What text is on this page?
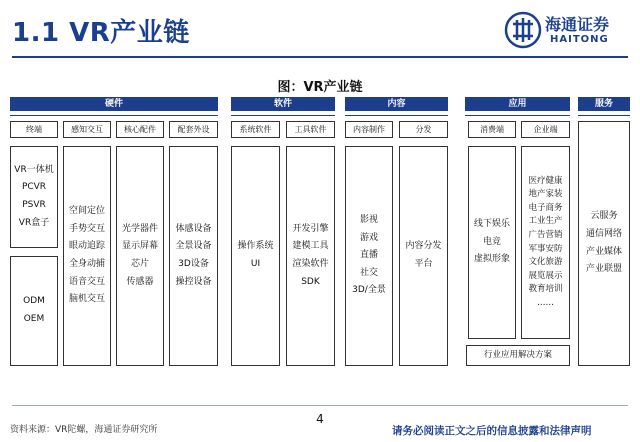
1.1 VR产业链	海通证券
HAITONG
图：VR产业链
硬件
终端
VR一体机
PCVR
PSVR
VR盒子
ODM
OEM
感知交互
空间定位
手势交互
眼动追踪
全身动捕
语音交互
脑机交互
核心配件
光学器件
显示屏幕
芯片
传感器
配套外设
体感设备
全景设备
3D设备
操控设备
软件
系统软件
操作系统
UI
工具软件
开发引擎
建模工具
渲染软件
SDK
内容
内容制作
影视
游戏
直播
社交
3D/全景
分发
内容分发
平台
应用
消费端
线下娱乐
电竞
虚拟形象
企业端
医疗健康
地产家装
电子商务
工业生产
广告营销
军事安防
文化旅游
展览展示
教育培训
……
行业应用解决方案
服务
云服务
通信网络
产业媒体
产业联盟
4
资料来源：VR陀螺，海通证券研究所	请务必阅读正文之后的信息披露和法律声明
